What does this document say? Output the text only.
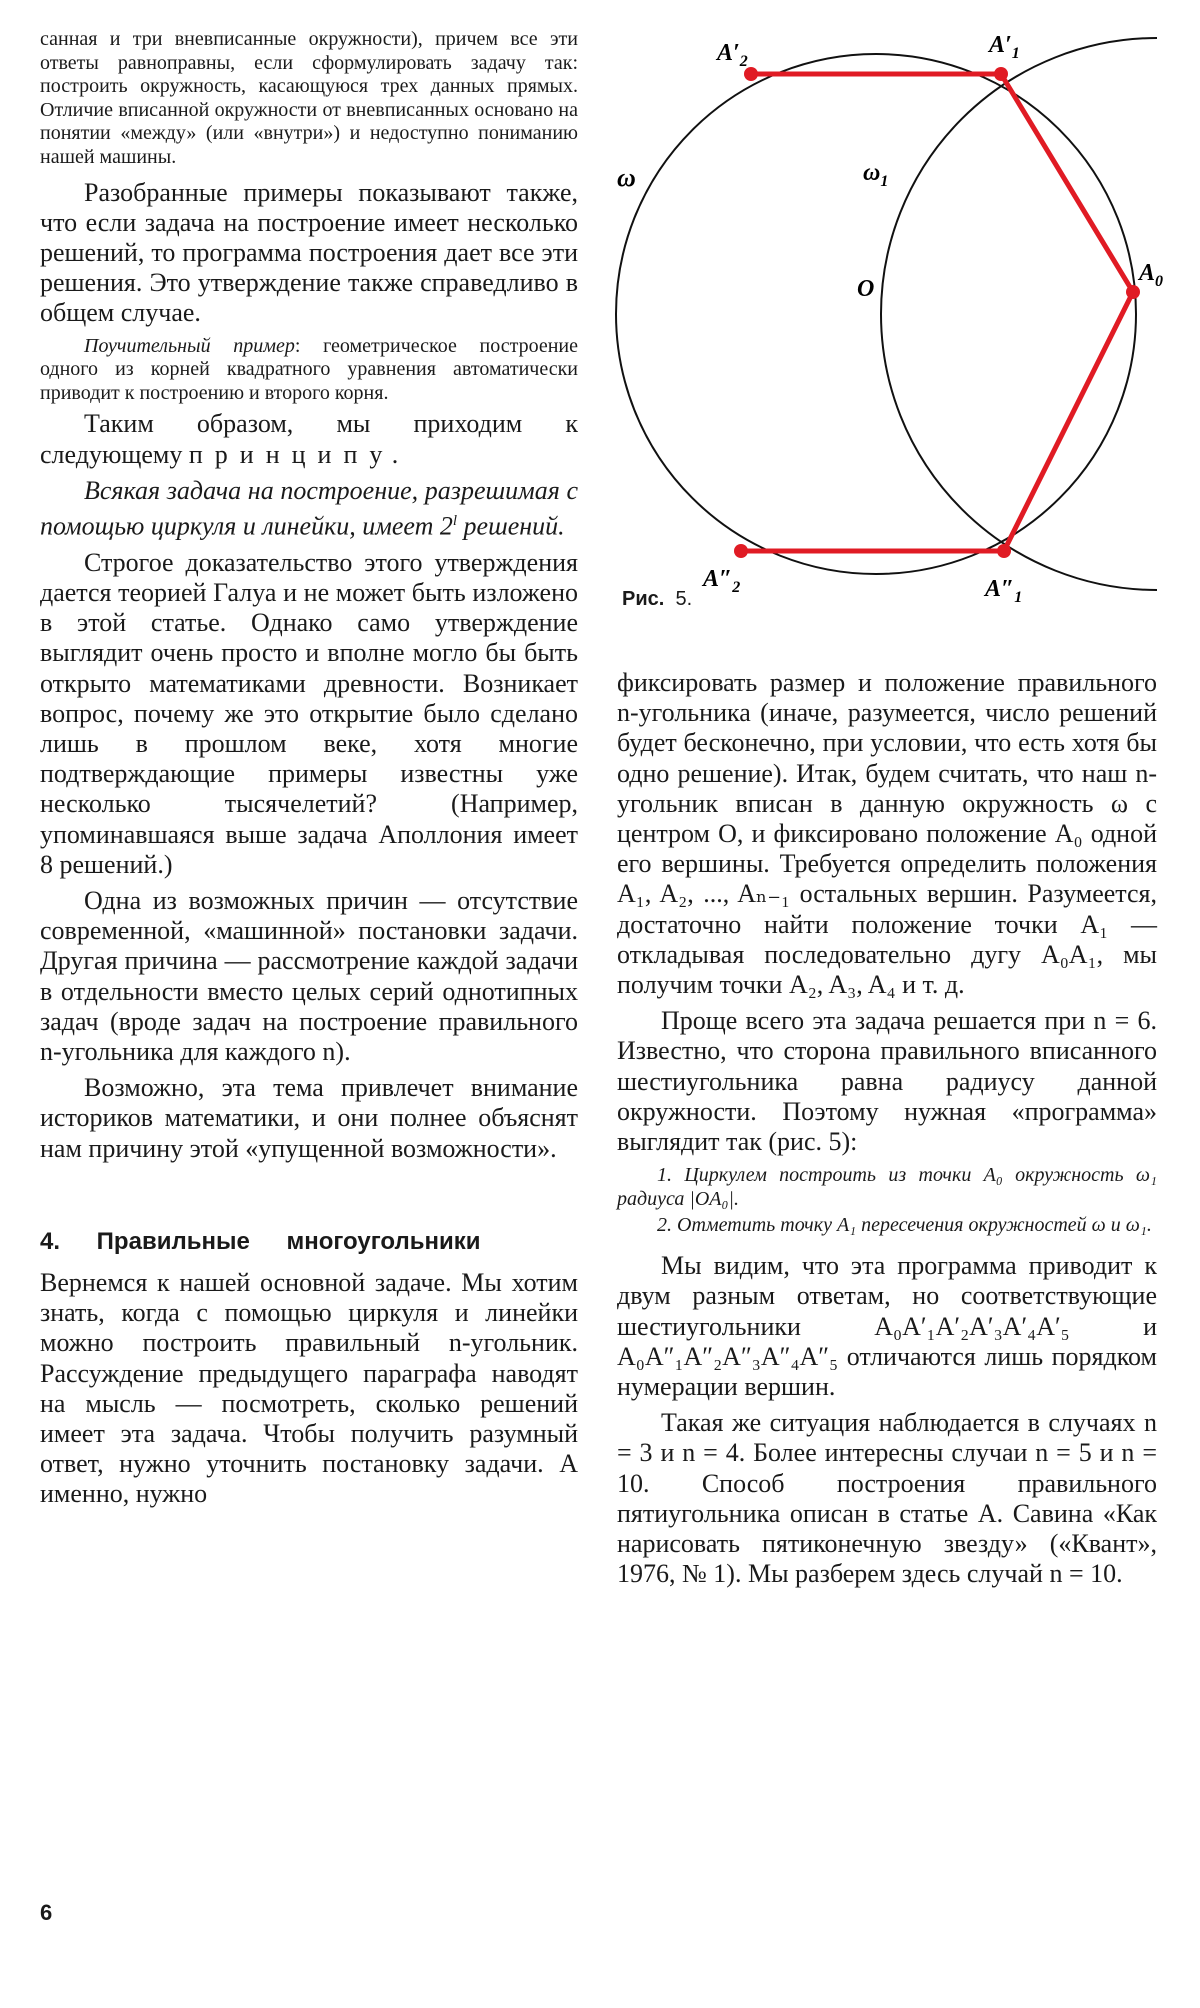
санная и три вневписанные окружности), причем все эти ответы равноправны, если сформулировать задачу так: построить окружность, касающуюся трех данных прямых. Отличие вписанной окружности от вневписанных основано на понятии «между» (или «внутри») и недоступно пониманию нашей машины.

Разобранные примеры показывают также, что если задача на построение имеет несколько решений, то программа построения дает все эти решения. Это утверждение также справедливо в общем случае.

Поучительный пример: геометрическое построение одного из корней квадратного уравнения автоматически приводит к построению и второго корня.

Таким образом, мы приходим к следующему принципу.

Всякая задача на построение, разрешимая с помощью циркуля и линейки, имеет 2$^l$ решений.

Строгое доказательство этого утверждения дается теорией Галуа и не может быть изложено в этой статье. Однако само утверждение выглядит очень просто и вполне могло бы быть открыто математиками древности. Возникает вопрос, почему же это открытие было сделано лишь в прошлом веке, хотя многие подтверждающие примеры известны уже несколько тысячелетий? (Например, упоминавшаяся выше задача Аполлония имеет 8 решений.)

Одна из возможных причин — отсутствие современной, «машинной» постановки задачи. Другая причина — рассмотрение каждой задачи в отдельности вместо целых серий однотипных задач (вроде задач на построение правильного n-угольника для каждого n).

Возможно, эта тема привлечет внимание историков математики, и они полнее объяснят нам причину этой «упущенной возможности».

4. Правильные многоугольники

Вернемся к нашей основной задаче. Мы хотим знать, когда с помощью циркуля и линейки можно построить правильный n-угольник. Рассуждение предыдущего параграфа наводят на мысль — посмотреть, сколько решений имеет эта задача. Чтобы получить разумный ответ, нужно уточнить постановку задачи. А именно, нужно

$A'_2$
$A'_1$
$A_0$
$A''_2$	$A''_1$
ω	$\omega_1$
O
Рис. 5.

фиксировать размер и положение правильного n-угольника (иначе, разумеется, число решений будет бесконечно, при условии, что есть хотя бы одно решение). Итак, будем считать, что наш n-угольник вписан в данную окружность ω с центром O, и фиксировано положение A₀ одной его вершины. Требуется определить положения A₁, A₂, ..., Aₙ₋₁ остальных вершин. Разумеется, достаточно найти положение точки A₁ — откладывая последовательно дугу A₀A₁, мы получим точки A₂, A₃, A₄ и т. д.

Проще всего эта задача решается при n = 6. Известно, что сторона правильного вписанного шестиугольника равна радиусу данной окружности. Поэтому нужная «программа» выглядит так (рис. 5):

1. Циркулем построить из точки A₀ окружность ω₁ радиуса |OA₀|.

2. Отметить точку A₁ пересечения окружностей ω и ω₁.

Мы видим, что эта программа приводит к двум разным ответам, но соответствующие шестиугольники A₀A′₁A′₂A′₃A′₄A′₅ и A₀A″₁A″₂A″₃A″₄A″₅ отличаются лишь порядком нумерации вершин.

Такая же ситуация наблюдается в случаях n = 3 и n = 4. Более интересны случаи n = 5 и n = 10. Способ построения правильного пятиугольника описан в статье А. Савина «Как нарисовать пятиконечную звезду» («Квант», 1976, № 1). Мы разберем здесь случай n = 10.

6
